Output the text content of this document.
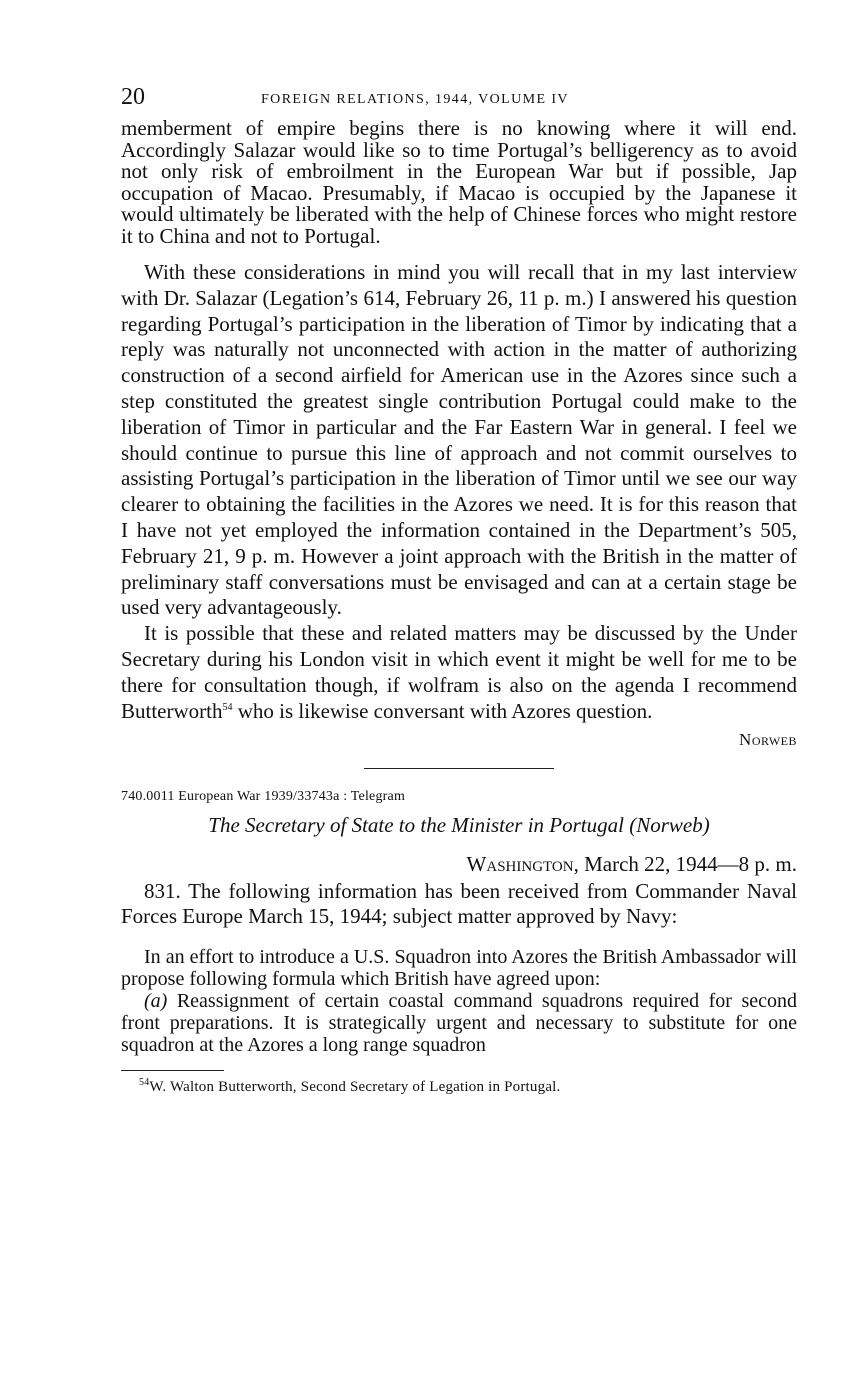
20	FOREIGN RELATIONS, 1944, VOLUME IV

memberment of empire begins there is no knowing where it will end. Accordingly Salazar would like so to time Portugal’s belligerency as to avoid not only risk of embroilment in the European War but if possible, Jap occupation of Macao. Presumably, if Macao is occupied by the Japanese it would ultimately be liberated with the help of Chinese forces who might restore it to China and not to Portugal.

With these considerations in mind you will recall that in my last interview with Dr. Salazar (Legation’s 614, February 26, 11 p. m.) I answered his question regarding Portugal’s participation in the liberation of Timor by indicating that a reply was naturally not unconnected with action in the matter of authorizing construction of a second airfield for American use in the Azores since such a step constituted the greatest single contribution Portugal could make to the liberation of Timor in particular and the Far Eastern War in general. I feel we should continue to pursue this line of approach and not commit ourselves to assisting Portugal’s participation in the liberation of Timor until we see our way clearer to obtaining the facilities in the Azores we need. It is for this reason that I have not yet employed the information contained in the Department’s 505, February 21, 9 p. m. However a joint approach with the British in the matter of preliminary staff conversations must be envisaged and can at a certain stage be used very advantageously.

It is possible that these and related matters may be discussed by the Under Secretary during his London visit in which event it might be well for me to be there for consultation though, if wolfram is also on the agenda I recommend Butterworth$^{54}$ who is likewise conversant with Azores question.

Norweb
740.0011 European War 1939/33743a : Telegram
The Secretary of State to the Minister in Portugal (Norweb)
Washington, March 22, 1944—8 p. m.

831. The following information has been received from Commander Naval Forces Europe March 15, 1944; subject matter approved by Navy:

In an effort to introduce a U.S. Squadron into Azores the British Ambassador will propose following formula which British have agreed upon:

(a) Reassignment of certain coastal command squadrons required for second front preparations. It is strategically urgent and necessary to substitute for one squadron at the Azores a long range squadron

$^{54}$W. Walton Butterworth, Second Secretary of Legation in Portugal.
